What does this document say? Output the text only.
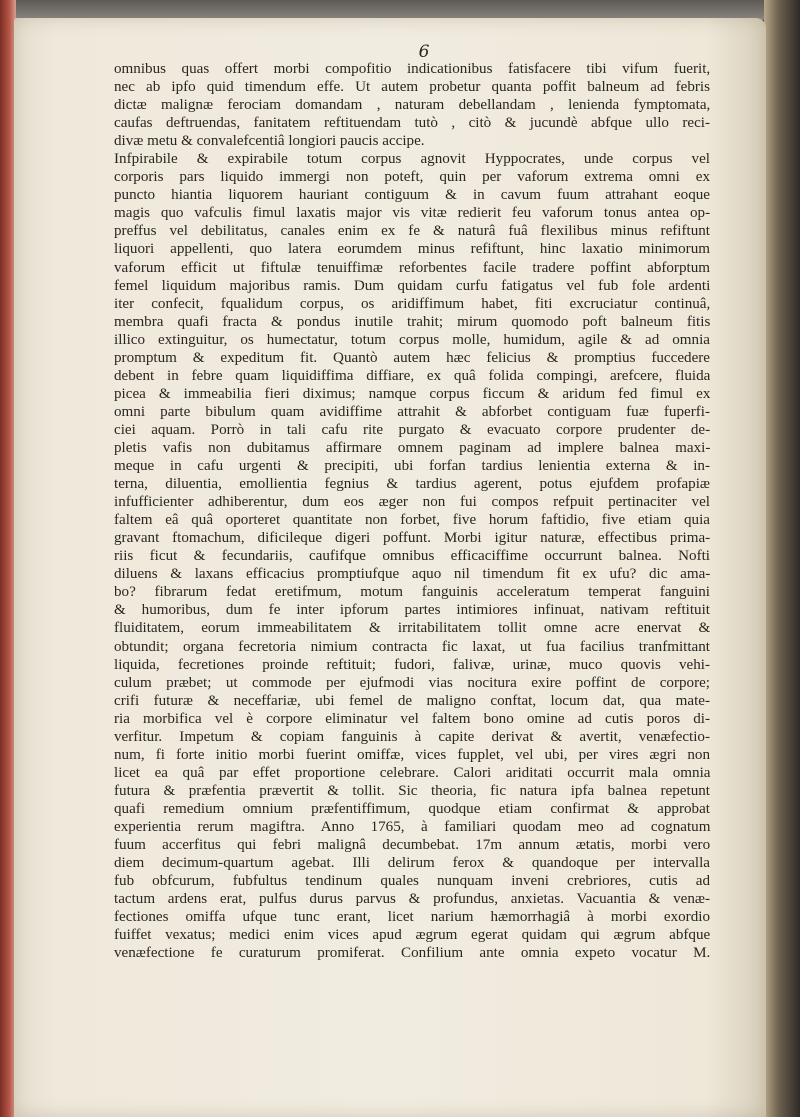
6
omnibus quas offert morbi compofitio indicationibus fatisfacere tibi vifum fuerit,
nec ab ipfo quid timendum effe. Ut autem probetur quanta poffit balneum ad febris
dictæ malignæ ferociam domandam , naturam debellandam , lenienda fymptomata,
caufas deftruendas, fanitatem reftituendam tutò , citò & jucundè abfque ullo reci-
divæ metu & convalefcentiâ longiori paucis accipe.
Infpirabile & expirabile totum corpus agnovit Hyppocrates, unde corpus vel
corporis pars liquido immergi non poteft, quin per vaforum extrema omni ex
puncto hiantia liquorem hauriant contiguum & in cavum fuum attrahant eoque
magis quo vafculis fimul laxatis major vis vitæ redierit feu vaforum tonus antea op-
preffus vel debilitatus, canales enim ex fe & naturâ fuâ flexilibus minus refiftunt
liquori appellenti, quo latera eorumdem minus refiftunt, hinc laxatio minimorum
vaforum efficit ut fiftulæ tenuiffimæ reforbentes facile tradere poffint abforptum
femel liquidum majoribus ramis. Dum quidam curfu fatigatus vel fub fole ardenti
iter confecit, fqualidum corpus, os aridiffimum habet, fiti excruciatur continuâ,
membra quafi fracta & pondus inutile trahit; mirum quomodo poft balneum fitis
illico extinguitur, os humectatur, totum corpus molle, humidum, agile & ad omnia
promptum & expeditum fit. Quantò autem hæc felicius & promptius fuccedere
debent in febre quam liquidiffima diffiare, ex quâ folida compingi, arefcere, fluida
picea & immeabilia fieri diximus; namque corpus ficcum & aridum fed fimul ex
omni parte bibulum quam avidiffime attrahit & abforbet contiguam fuæ fuperfi-
ciei aquam. Porrò in tali cafu rite purgato & evacuato corpore prudenter de-
pletis vafis non dubitamus affirmare omnem paginam ad implere balnea maxi-
meque in cafu urgenti & precipiti, ubi forfan tardius lenientia externa & in-
terna, diluentia, emollientia fegnius & tardius agerent, potus ejufdem profapiæ
infufficienter adhiberentur, dum eos æger non fui compos refpuit pertinaciter vel
faltem eâ quâ oporteret quantitate non forbet, five horum faftidio, five etiam quia
gravant ftomachum, dificileque digeri poffunt. Morbi igitur naturæ, effectibus prima-
riis ficut & fecundariis, caufifque omnibus efficaciffime occurrunt balnea. Nofti
diluens & laxans efficacius promptiufque aquo nil timendum fit ex ufu? dic ama-
bo? fibrarum fedat eretifmum, motum fanguinis acceleratum temperat fanguini
& humoribus, dum fe inter ipforum partes intimiores infinuat, nativam reftituit
fluiditatem, eorum immeabilitatem & irritabilitatem tollit omne acre enervat &
obtundit; organa fecretoria nimium contracta fic laxat, ut fua facilius tranfmittant
liquida, fecretiones proinde reftituit; fudori, falivæ, urinæ, muco quovis vehi-
culum præbet; ut commode per ejufmodi vias nocitura exire poffint de corpore;
crifi futuræ & neceffariæ, ubi femel de maligno conftat, locum dat, qua mate-
ria morbifica vel è corpore eliminatur vel faltem bono omine ad cutis poros di-
verfitur. Impetum & copiam fanguinis à capite derivat & avertit, venæfectio-
num, fi forte initio morbi fuerint omiffæ, vices fupplet, vel ubi, per vires ægri non
licet ea quâ par effet proportione celebrare. Calori ariditati occurrit mala omnia
futura & præfentia prævertit & tollit. Sic theoria, fic natura ipfa balnea repetunt
quafi remedium omnium præfentiffimum, quodque etiam confirmat & approbat
experientia rerum magiftra. Anno 1765, à familiari quodam meo ad cognatum
fuum accerfitus qui febri malignâ decumbebat. 17m annum ætatis, morbi vero
diem decimum-quartum agebat. Illi delirum ferox & quandoque per intervalla
fub obfcurum, fubfultus tendinum quales nunquam inveni crebriores, cutis ad
tactum ardens erat, pulfus durus parvus & profundus, anxietas. Vacuantia & venæ-
fectiones omiffa ufque tunc erant, licet narium hæmorrhagiâ à morbi exordio
fuiffet vexatus; medici enim vices apud ægrum egerat quidam qui ægrum abfque
venæfectione fe curaturum promiferat. Confilium ante omnia expeto vocatur M.
